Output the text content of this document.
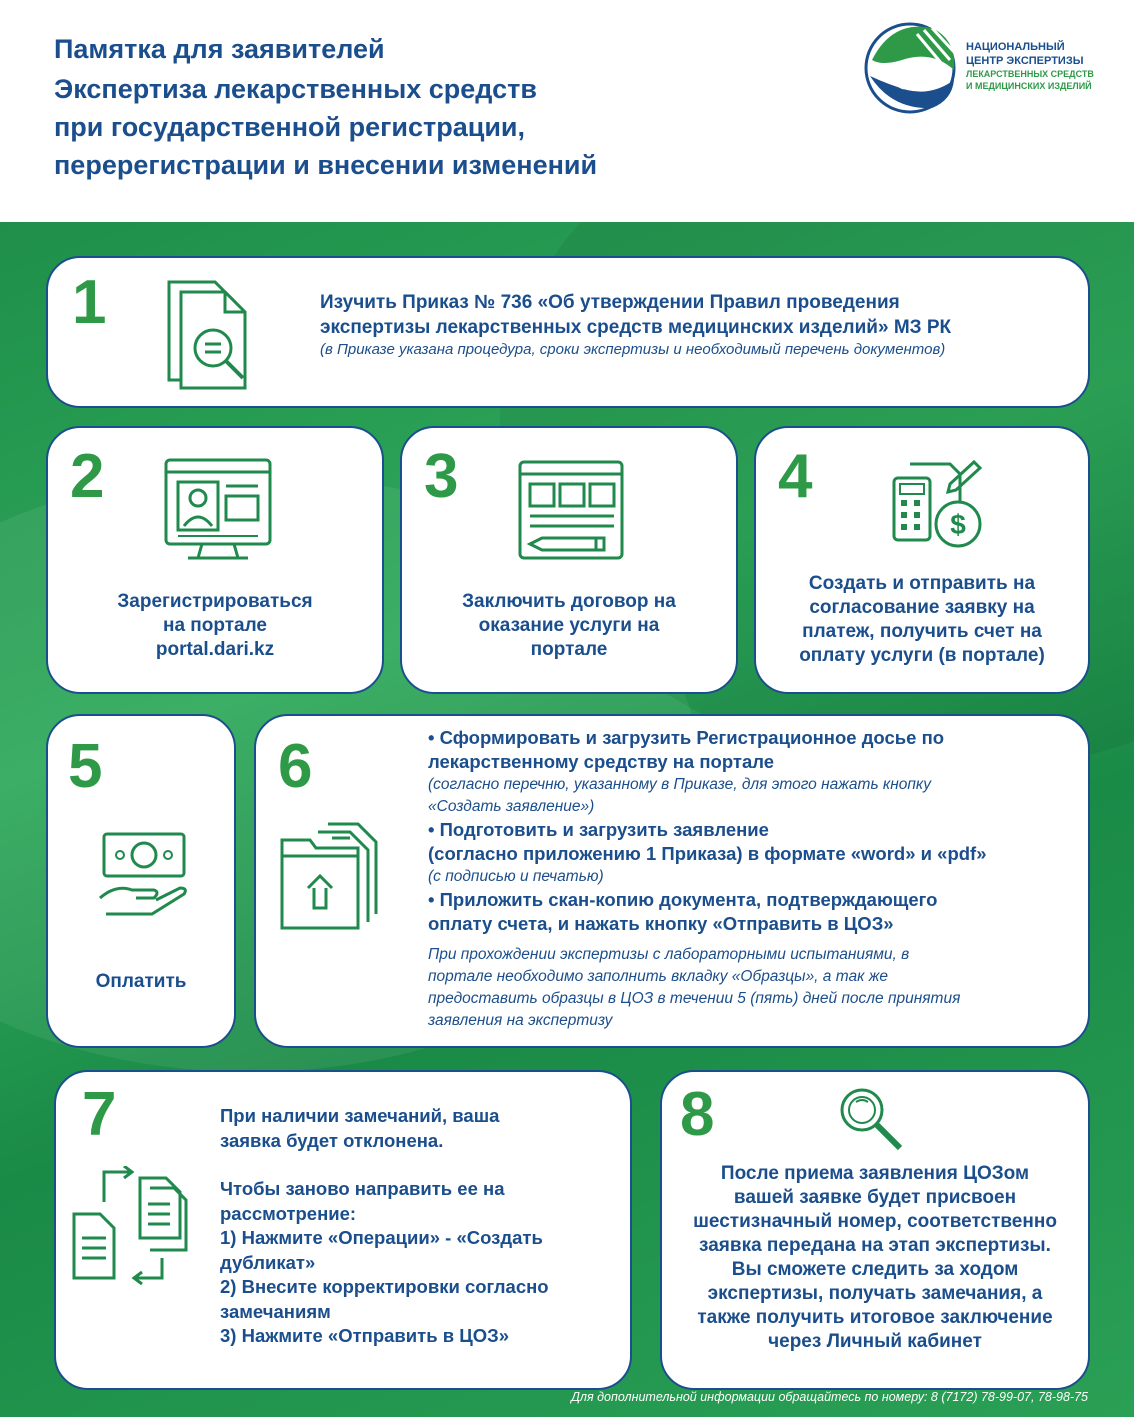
Памятка для заявителей
Экспертиза лекарственных средств
при государственной регистрации,
перерегистрации и внесении изменений
НАЦИОНАЛЬНЫЙ
ЦЕНТР ЭКСПЕРТИЗЫ
ЛЕКАРСТВЕННЫХ СРЕДСТВ
И МЕДИЦИНСКИХ ИЗДЕЛИЙ
1	Изучить Приказ № 736 «Об утверждении Правил проведения
экспертизы лекарственных средств медицинских изделий» МЗ РК
(в Приказе указана процедура, сроки экспертизы и необходимый перечень документов)
2
Зарегистрироваться
на портале
portal.dari.kz
3
Заключить договор на
оказание услуги на
портале
4
$
Создать и отправить на
согласование заявку на
платеж, получить счет на
оплату услуги (в портале)
5
Оплатить
6	• Сформировать и загрузить Регистрационное досье по
лекарственному средству на портале
(согласно перечню, указанному в Приказе, для этого нажать кнопку
«Создать заявление»)
• Подготовить и загрузить заявление
(согласно приложению 1 Приказа) в формате «word» и «pdf»
(с подписью и печатью)
• Приложить скан-копию документа, подтверждающего
оплату счета, и нажать кнопку «Отправить в ЦОЗ»
При прохождении экспертизы с лабораторными испытаниями, в
портале необходимо заполнить вкладку «Образцы», а так же
предоставить образцы в ЦОЗ в течении 5 (пять) дней после принятия
заявления на экспертизу
7	При наличии замечаний, ваша
заявка будет отклонена.
Чтобы заново направить ее на
рассмотрение:
1) Нажмите «Операции» - «Создать
дубликат»
2) Внесите корректировки согласно
замечаниям
3) Нажмите «Отправить в ЦОЗ»
8
После приема заявления ЦОЗом
вашей заявке будет присвоен
шестизначный номер, соответственно
заявка передана на этап экспертизы.
Вы сможете следить за ходом
экспертизы, получать замечания, а
также получить итоговое заключение
через Личный кабинет
Для дополнительной информации обращайтесь по номеру: 8 (7172) 78-99-07, 78-98-75
